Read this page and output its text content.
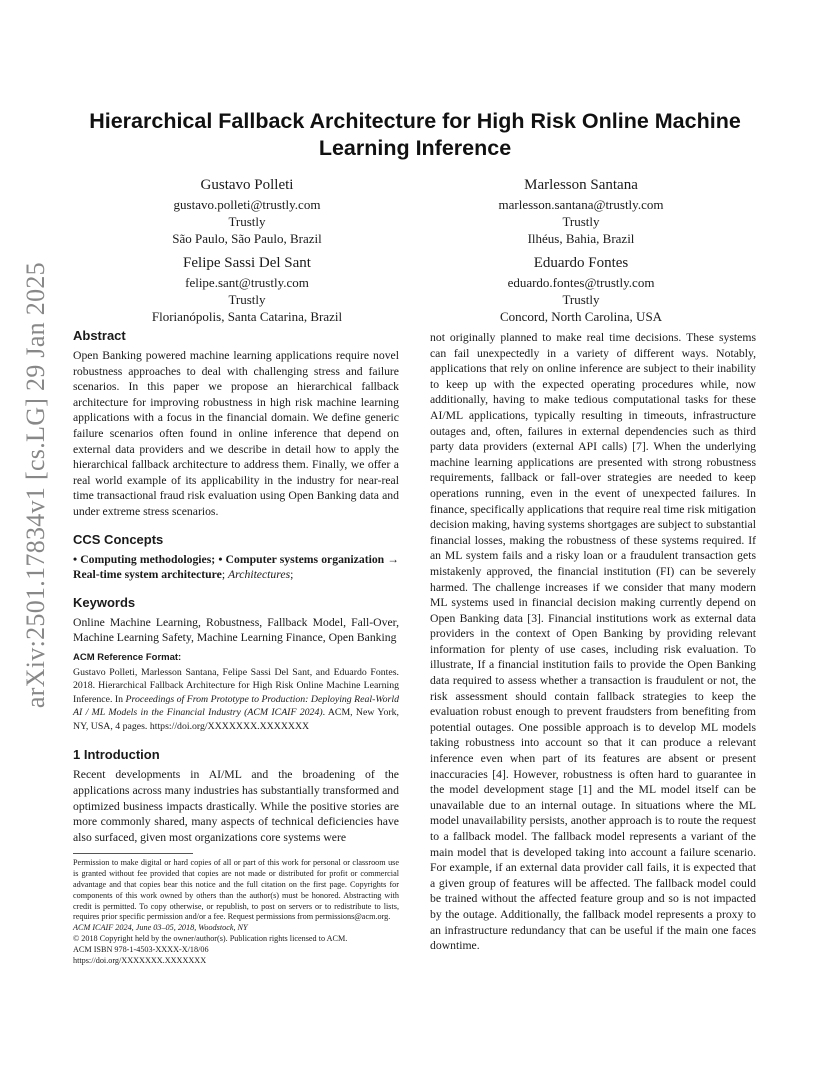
arXiv:2501.17834v1 [cs.LG] 29 Jan 2025
Hierarchical Fallback Architecture for High Risk Online Machine Learning Inference
Gustavo Polleti
gustavo.polleti@trustly.com
Trustly
São Paulo, São Paulo, Brazil
Marlesson Santana
marlesson.santana@trustly.com
Trustly
Ilhéus, Bahia, Brazil
Felipe Sassi Del Sant
felipe.sant@trustly.com
Trustly
Florianópolis, Santa Catarina, Brazil
Eduardo Fontes
eduardo.fontes@trustly.com
Trustly
Concord, North Carolina, USA
Abstract

Open Banking powered machine learning applications require novel robustness approaches to deal with challenging stress and failure scenarios. In this paper we propose an hierarchical fallback architecture for improving robustness in high risk machine learning applications with a focus in the financial domain. We define generic failure scenarios often found in online inference that depend on external data providers and we describe in detail how to apply the hierarchical fallback architecture to address them. Finally, we offer a real world example of its applicability in the industry for near-real time transactional fraud risk evaluation using Open Banking data and under extreme stress scenarios.

CCS Concepts

• Computing methodologies; • Computer systems organization → Real-time system architecture; Architectures;

Keywords

Online Machine Learning, Robustness, Fallback Model, Fall-Over, Machine Learning Safety, Machine Learning Finance, Open Banking

ACM Reference Format:

Gustavo Polleti, Marlesson Santana, Felipe Sassi Del Sant, and Eduardo Fontes. 2018. Hierarchical Fallback Architecture for High Risk Online Machine Learning Inference. In Proceedings of From Prototype to Production: Deploying Real-World AI / ML Models in the Financial Industry (ACM ICAIF 2024). ACM, New York, NY, USA, 4 pages. https://doi.org/XXXXXXX.XXXXXXX

1 Introduction

Recent developments in AI/ML and the broadening of the applications across many industries has substantially transformed and optimized business impacts drastically. While the positive stories are more commonly shared, many aspects of technical deficiencies have also surfaced, given most organizations core systems were

Permission to make digital or hard copies of all or part of this work for personal or classroom use is granted without fee provided that copies are not made or distributed for profit or commercial advantage and that copies bear this notice and the full citation on the first page. Copyrights for components of this work owned by others than the author(s) must be honored. Abstracting with credit is permitted. To copy otherwise, or republish, to post on servers or to redistribute to lists, requires prior specific permission and/or a fee. Request permissions from permissions@acm.org.
ACM ICAIF 2024, June 03–05, 2018, Woodstock, NY
© 2018 Copyright held by the owner/author(s). Publication rights licensed to ACM.
ACM ISBN 978-1-4503-XXXX-X/18/06
https://doi.org/XXXXXXX.XXXXXXX

not originally planned to make real time decisions. These systems can fail unexpectedly in a variety of different ways. Notably, applications that rely on online inference are subject to their inability to keep up with the expected operating procedures while, now additionally, having to make tedious computational tasks for these AI/ML applications, typically resulting in timeouts, infrastructure outages and, often, failures in external dependencies such as third party data providers (external API calls) [7]. When the underlying machine learning applications are presented with strong robustness requirements, fallback or fall-over strategies are needed to keep operations running, even in the event of unexpected failures. In finance, specifically applications that require real time risk mitigation decision making, having systems shortgages are subject to substantial financial losses, making the robustness of these systems required. If an ML system fails and a risky loan or a fraudulent transaction gets mistakenly approved, the financial institution (FI) can be severely harmed. The challenge increases if we consider that many modern ML systems used in financial decision making currently depend on Open Banking data [3]. Financial institutions work as external data providers in the context of Open Banking by providing relevant information for plenty of use cases, including risk evaluation. To illustrate, If a financial institution fails to provide the Open Banking data required to assess whether a transaction is fraudulent or not, the risk assessment should contain fallback strategies to keep the evaluation robust enough to prevent fraudsters from benefiting from potential outages. One possible approach is to develop ML models taking robustness into account so that it can produce a relevant inference even when part of its features are absent or present inaccuracies [4]. However, robustness is often hard to guarantee in the model development stage [1] and the ML model itself can be unavailable due to an internal outage. In situations where the ML model unavailability persists, another approach is to route the request to a fallback model. The fallback model represents a variant of the main model that is developed taking into account a failure scenario. For example, if an external data provider call fails, it is expected that a given group of features will be affected. The fallback model could be trained without the affected feature group and so is not impacted by the outage. Additionally, the fallback model represents a proxy to an infrastructure redundancy that can be useful if the main one faces downtime.
